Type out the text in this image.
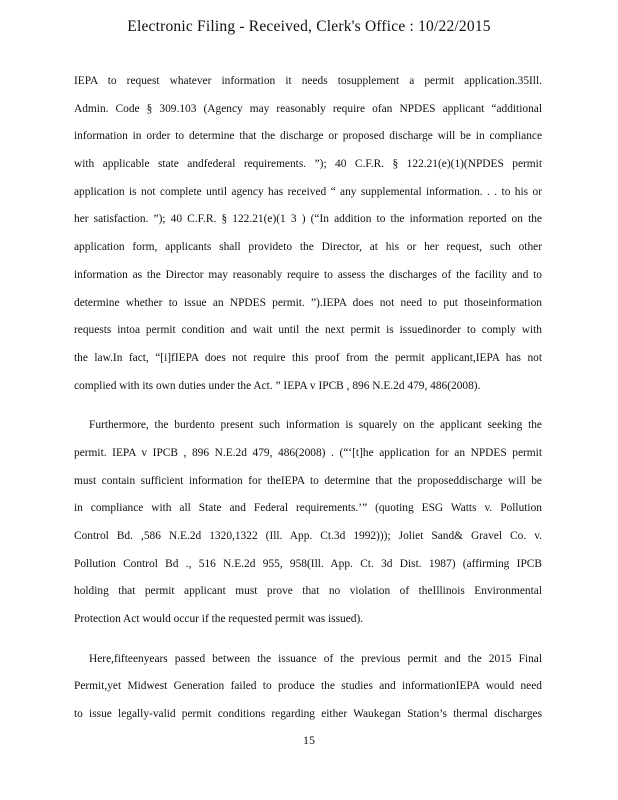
Electronic Filing - Received, Clerk's Office : 10/22/2015
IEPA to request whatever information it needs tosupplement a permit application.35Ill.
Admin. Code § 309.103 (Agency may reasonably require ofan NPDES applicant “additional
information in order to determine that the discharge or proposed discharge will be in compliance
with applicable state andfederal requirements. ”); 40 C.F.R. § 122.21(e)(1)(NPDES permit
application is not complete until agency has received “ any supplemental information. . . to his or
her satisfaction. ”); 40 C.F.R. § 122.21(e)(1 3 ) (“In addition to the information reported on the
application form, applicants shall provideto the Director, at his or her request, such other
information as the Director may reasonably require to assess the discharges of the facility and to
determine whether to issue an NPDES permit. ”).IEPA does not need to put thoseinformation
requests intoa permit condition and wait until the next permit is issuedinorder to comply with
the law.In fact, “[i]fIEPA does not require this proof from the permit applicant,IEPA has not
complied with its own duties under the Act. ” IEPA v IPCB , 896 N.E.2d 479, 486(2008).
Furthermore, the burdento present such information is squarely on the applicant seeking the
permit. IEPA v IPCB , 896 N.E.2d 479, 486(2008) . (“‘[t]he application for an NPDES permit
must contain sufficient information for theIEPA to determine that the proposeddischarge will be
in compliance with all State and Federal requirements.’” (quoting ESG Watts v. Pollution
Control Bd. ,586 N.E.2d 1320,1322 (Ill. App. Ct.3d 1992))); Joliet Sand& Gravel Co. v.
Pollution Control Bd ., 516 N.E.2d 955, 958(Ill. App. Ct. 3d Dist. 1987) (affirming IPCB
holding that permit applicant must prove that no violation of theIllinois Environmental
Protection Act would occur if the requested permit was issued).
Here,fifteenyears passed between the issuance of the previous permit and the 2015 Final
Permit,yet Midwest Generation failed to produce the studies and informationIEPA would need
to issue legally-valid permit conditions regarding either Waukegan Station’s thermal discharges
15
